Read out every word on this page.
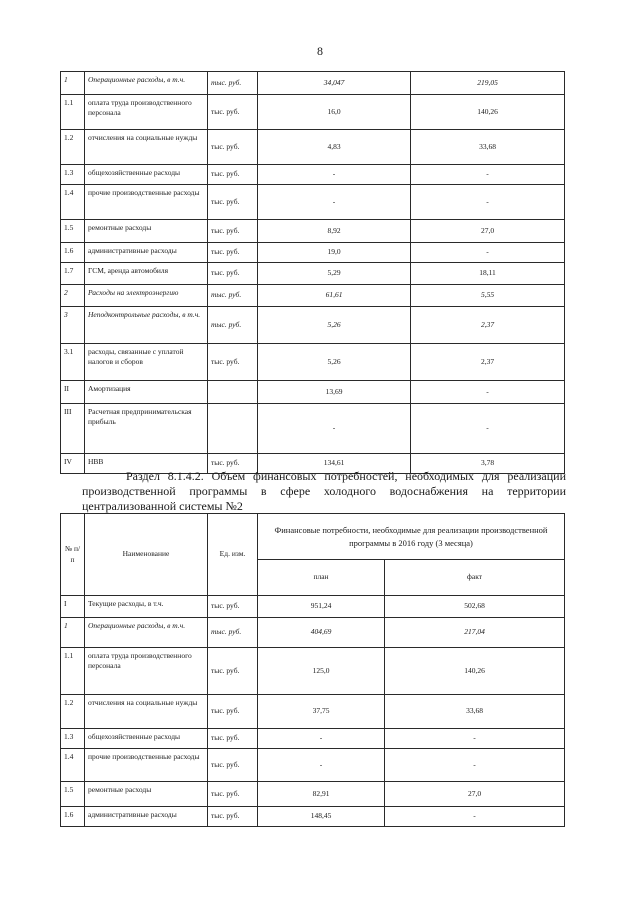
8
1	Операционные расходы, в т.ч.	тыс. руб.	34,047	219,05
1.1	оплата труда производственного персонала	тыс. руб.	16,0	140,26
1.2	отчисления на социальные нужды	тыс. руб.	4,83	33,68
1.3	общехозяйственные расходы	тыс. руб.	-	-
1.4	прочие производственные расходы	тыс. руб.	-	-
1.5	ремонтные расходы	тыс. руб.	8,92	27,0
1.6	административные расходы	тыс. руб.	19,0	-
1.7	ГСМ, аренда автомобиля	тыс. руб.	5,29	18,11
2	Расходы на электроэнергию	тыс. руб.	61,61	5,55
3	Неподконтрольные расходы, в т.ч.	тыс. руб.	5,26	2,37
3.1	расходы, связанные с уплатой налогов и сборов	тыс. руб.	5,26	2,37
II	Амортизация		13,69	-
III	Расчетная предпринимательская прибыль		-	-
IV	НВВ	тыс. руб.	134,61	3,78
Раздел 8.1.4.2. Объем финансовых потребностей, необходимых для реализации производственной программы в сфере холодного водоснабжения на территории централизованной системы №2
№ п/п	Наименование	Ед. изм.	Финансовые потребности, необходимые для реализации производственной программы в 2016 году (3 месяца)	
			план	факт
I	Текущие расходы, в т.ч.	тыс. руб.	951,24	502,68
1	Операционные расходы, в т.ч.	тыс. руб.	404,69	217,04
1.1	оплата труда производственного персонала	тыс. руб.	125,0	140,26
1.2	отчисления на социальные нужды	тыс. руб.	37,75	33,68
1.3	общехозяйственные расходы	тыс. руб.	-	-
1.4	прочие производственные расходы	тыс. руб.	-	-
1.5	ремонтные расходы	тыс. руб.	82,91	27,0
1.6	административные расходы	тыс. руб.	148,45	-
